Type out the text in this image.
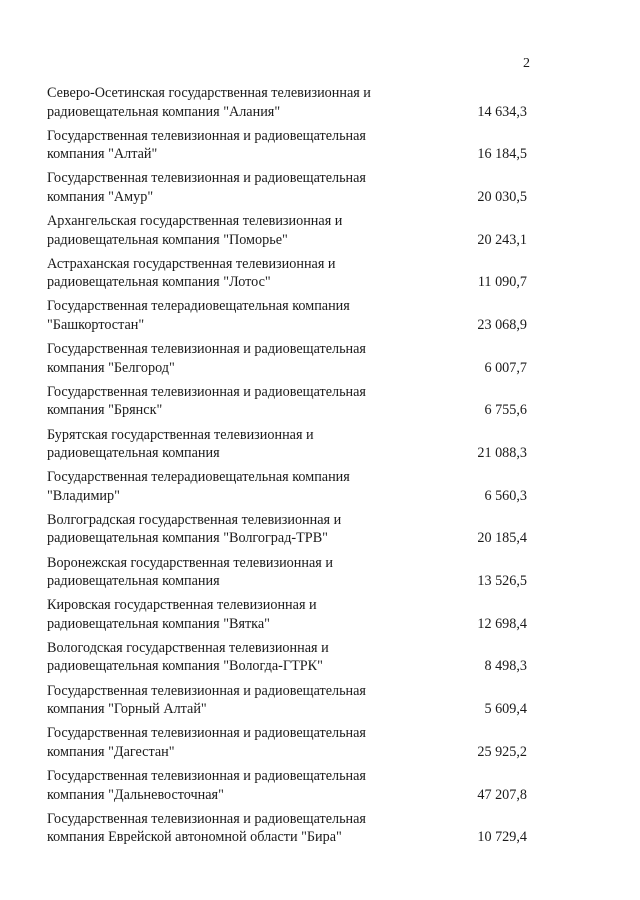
2
Северо-Осетинская государственная телевизионная и
радиовещательная компания "Алания"	14 634,3
Государственная телевизионная и радиовещательная
компания "Алтай"	16 184,5
Государственная телевизионная и радиовещательная
компания "Амур"	20 030,5
Архангельская государственная телевизионная и
радиовещательная компания "Поморье"	20 243,1
Астраханская государственная телевизионная и
радиовещательная компания "Лотос"	11 090,7
Государственная телерадиовещательная компания
"Башкортостан"	23 068,9
Государственная телевизионная и радиовещательная
компания "Белгород"	6 007,7
Государственная телевизионная и радиовещательная
компания "Брянск"	6 755,6
Бурятская государственная телевизионная и
радиовещательная компания	21 088,3
Государственная телерадиовещательная компания
"Владимир"	6 560,3
Волгоградская государственная телевизионная и
радиовещательная компания "Волгоград-ТРВ"	20 185,4
Воронежская государственная телевизионная и
радиовещательная компания	13 526,5
Кировская государственная телевизионная и
радиовещательная компания "Вятка"	12 698,4
Вологодская государственная телевизионная и
радиовещательная компания "Вологда-ГТРК"	8 498,3
Государственная телевизионная и радиовещательная
компания "Горный Алтай"	5 609,4
Государственная телевизионная и радиовещательная
компания "Дагестан"	25 925,2
Государственная телевизионная и радиовещательная
компания "Дальневосточная"	47 207,8
Государственная телевизионная и радиовещательная
компания Еврейской автономной области "Бира"	10 729,4
